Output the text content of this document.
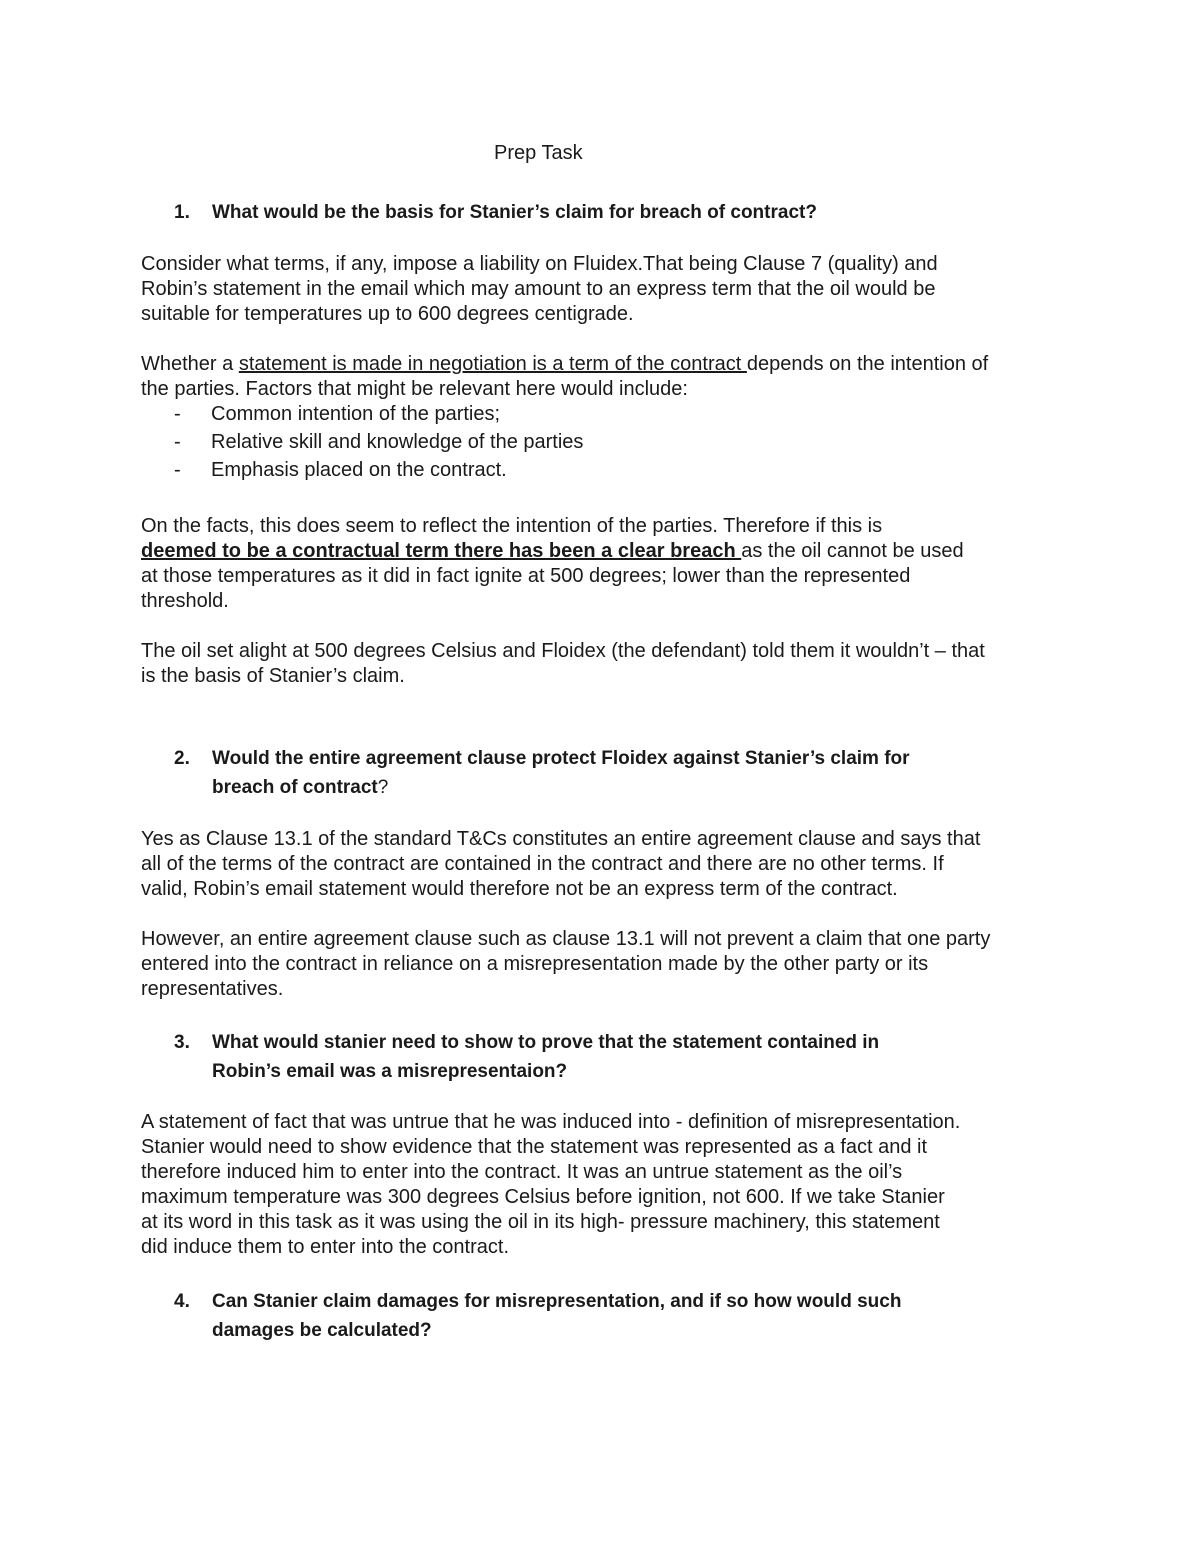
Prep Task
1.	What would be the basis for Stanier’s claim for breach of contract?
Consider what terms, if any, impose a liability on Fluidex.That being Clause 7 (quality) and
Robin’s statement in the email which may amount to an express term that the oil would be
suitable for temperatures up to 600 degrees centigrade.
Whether a statement is made in negotiation is a term of the contract depends on the intention of
the parties. Factors that might be relevant here would include:
- Common intention of the parties;
- Relative skill and knowledge of the parties
- Emphasis placed on the contract.
On the facts, this does seem to reflect the intention of the parties. Therefore if this is
deemed to be a contractual term there has been a clear breach as the oil cannot be used
at those temperatures as it did in fact ignite at 500 degrees; lower than the represented
threshold.
The oil set alight at 500 degrees Celsius and Floidex (the defendant) told them it wouldn’t – that
is the basis of Stanier’s claim.
2.	Would the entire agreement clause protect Floidex against Stanier’s claim for
breach of contract?
Yes as Clause 13.1 of the standard T&Cs constitutes an entire agreement clause and says that
all of the terms of the contract are contained in the contract and there are no other terms. If
valid, Robin’s email statement would therefore not be an express term of the contract.
However, an entire agreement clause such as clause 13.1 will not prevent a claim that one party
entered into the contract in reliance on a misrepresentation made by the other party or its
representatives.
3.	What would stanier need to show to prove that the statement contained in
Robin’s email was a misrepresentaion?
A statement of fact that was untrue that he was induced into - definition of misrepresentation.
Stanier would need to show evidence that the statement was represented as a fact and it
therefore induced him to enter into the contract. It was an untrue statement as the oil’s
maximum temperature was 300 degrees Celsius before ignition, not 600. If we take Stanier
at its word in this task as it was using the oil in its high- pressure machinery, this statement
did induce them to enter into the contract.
4.	Can Stanier claim damages for misrepresentation, and if so how would such
damages be calculated?
